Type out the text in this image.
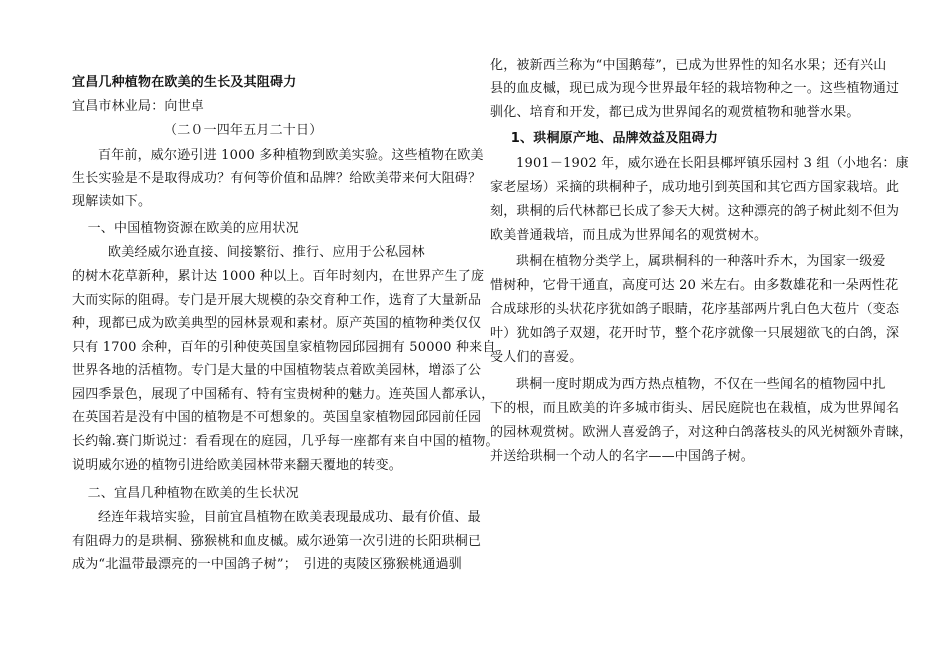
宜昌几种植物在欧美的生长及其阻碍力
宜昌市林业局：向世卓
（二０一四年五月二十日）
百年前，威尔逊引进 1000 多种植物到欧美实验。这些植物在欧美
生长实验是不是取得成功？有何等价值和品牌？给欧美带来何大阻碍？
现解读如下。
一、中国植物资源在欧美的应用状况
欧美经威尔逊直接、间接繁衍、推行、应用于公私园林
的树木花草新种，累计达 1000 种以上。百年时刻内，在世界产生了庞
大而实际的阻碍。专门是开展大规模的杂交育种工作，选育了大量新品
种，现都已成为欧美典型的园林景观和素材。原产英国的植物种类仅仅
只有 1700 余种，百年的引种使英国皇家植物园邱园拥有 50000 种来自
世界各地的活植物。专门是大量的中国植物装点着欧美园林，增添了公
园四季景色，展现了中国稀有、特有宝贵树种的魅力。连英国人都承认，
在英国若是没有中国的植物是不可想象的。英国皇家植物园邱园前任园
长约翰.赛门斯说过：看看现在的庭园，几乎每一座都有来自中国的植物。
说明威尔逊的植物引进给欧美园林带来翻天覆地的转变。
二、宜昌几种植物在欧美的生长状况
经连年栽培实验，目前宜昌植物在欧美表现最成功、最有价值、最
有阻碍力的是珙桐、猕猴桃和血皮槭。威尔逊第一次引进的长阳珙桐已
成为“北温带最漂亮的一中国鸽子树”；　引进的夷陵区猕猴桃通過驯
化，被新西兰称为“中国鹅莓”，已成为世界性的知名水果；还有兴山
县的血皮槭，现已成为现今世界最年轻的栽培物种之一。这些植物通过
驯化、培育和开发，都已成为世界闻名的观赏植物和驰誉水果。
1、珙桐原产地、品牌效益及阻碍力
1901－1902 年，威尔逊在长阳县椰坪镇乐园村 3 组（小地名：康
家老屋场）采摘的珙桐种子，成功地引到英国和其它西方国家栽培。此
刻，珙桐的后代林都已长成了参天大树。这种漂亮的鸽子树此刻不但为
欧美普通栽培，而且成为世界闻名的观赏树木。
珙桐在植物分类学上，属珙桐科的一种落叶乔木，为国家一级爱
惜树种，它骨干通直，高度可达 20 米左右。由多数雄花和一朵两性花
合成球形的头状花序犹如鸽子眼睛，花序基部两片乳白色大苞片（变态
叶）犹如鸽子双翅，花开时节，整个花序就像一只展翅欲飞的白鸽，深
受人们的喜爱。
珙桐一度时期成为西方热点植物，不仅在一些闻名的植物园中扎
下的根，而且欧美的许多城市街头、居民庭院也在栽植，成为世界闻名
的园林观赏树。欧洲人喜爱鸽子，对这种白鸽落枝头的风光树额外青睐，
并送给珙桐一个动人的名字——中国鸽子树。
